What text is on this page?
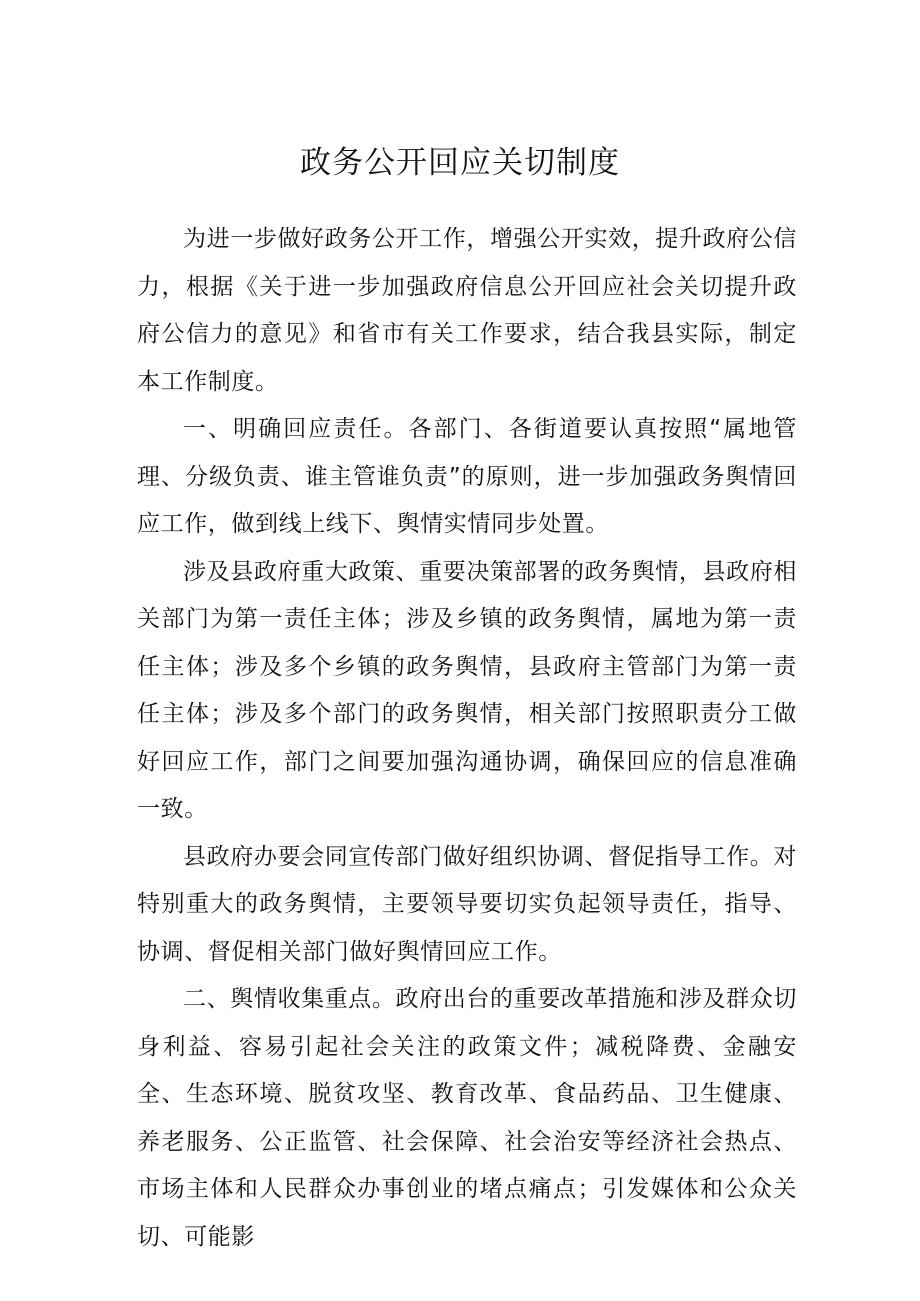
政务公开回应关切制度

为进一步做好政务公开工作，增强公开实效，提升政府公信力，根据《关于进一步加强政府信息公开回应社会关切提升政府公信力的意见》和省市有关工作要求，结合我县实际，制定本工作制度。

一、明确回应责任。各部门、各街道要认真按照“属地管理、分级负责、谁主管谁负责”的原则，进一步加强政务舆情回应工作，做到线上线下、舆情实情同步处置。

涉及县政府重大政策、重要决策部署的政务舆情，县政府相关部门为第一责任主体；涉及乡镇的政务舆情，属地为第一责任主体；涉及多个乡镇的政务舆情，县政府主管部门为第一责任主体；涉及多个部门的政务舆情，相关部门按照职责分工做好回应工作，部门之间要加强沟通协调，确保回应的信息准确一致。

县政府办要会同宣传部门做好组织协调、督促指导工作。对特别重大的政务舆情，主要领导要切实负起领导责任，指导、协调、督促相关部门做好舆情回应工作。

二、舆情收集重点。政府出台的重要改革措施和涉及群众切身利益、容易引起社会关注的政策文件；减税降费、金融安全、生态环境、脱贫攻坚、教育改革、食品药品、卫生健康、养老服务、公正监管、社会保障、社会治安等经济社会热点、市场主体和人民群众办事创业的堵点痛点；引发媒体和公众关切、可能影
